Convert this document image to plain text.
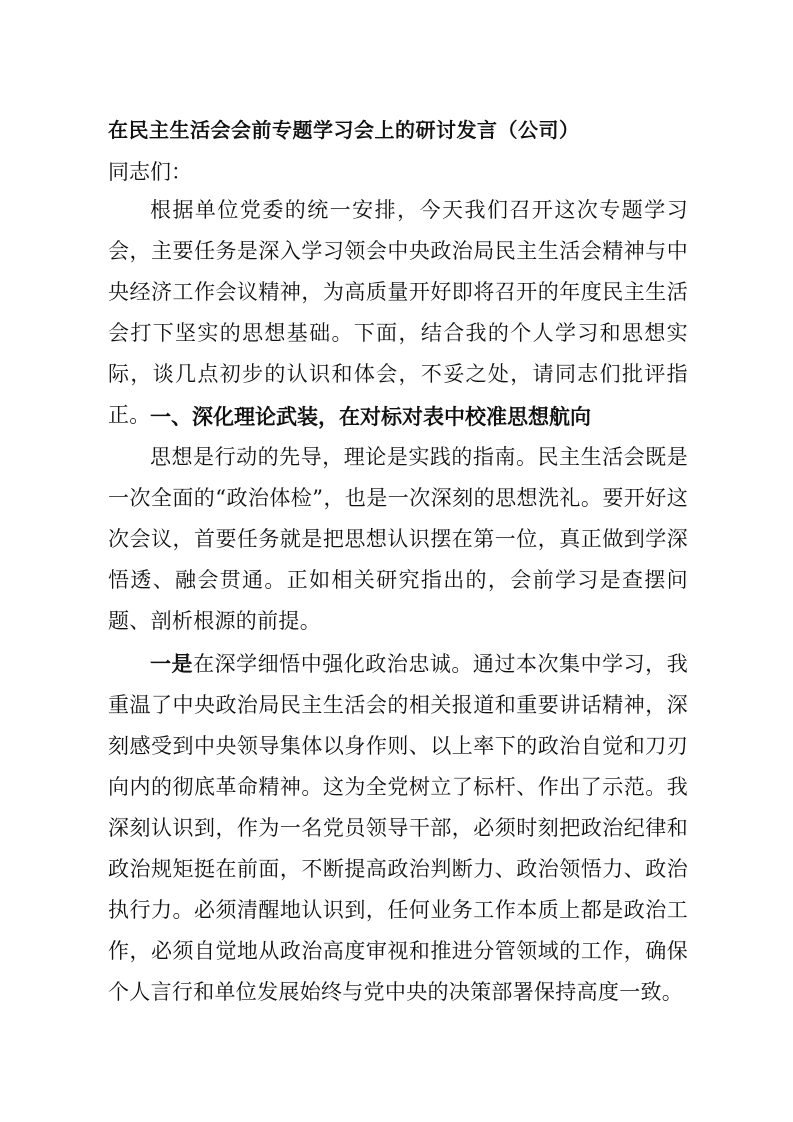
在民主生活会会前专题学习会上的研讨发言（公司）

同志们：

根据单位党委的统一安排，今天我们召开这次专题学习会，主要任务是深入学习领会中央政治局民主生活会精神与中央经济工作会议精神，为高质量开好即将召开的年度民主生活会打下坚实的思想基础。下面，结合我的个人学习和思想实际，谈几点初步的认识和体会，不妥之处，请同志们批评指正。 一、深化理论武装，在对标对表中校准思想航向

思想是行动的先导，理论是实践的指南。民主生活会既是一次全面的“政治体检”，也是一次深刻的思想洗礼。要开好这次会议，首要任务就是把思想认识摆在第一位，真正做到学深悟透、融会贯通。正如相关研究指出的，会前学习是查摆问题、剖析根源的前提。

一是在深学细悟中强化政治忠诚。通过本次集中学习，我重温了中央政治局民主生活会的相关报道和重要讲话精神，深刻感受到中央领导集体以身作则、以上率下的政治自觉和刀刃向内的彻底革命精神。这为全党树立了标杆、作出了示范。我深刻认识到，作为一名党员领导干部，必须时刻把政治纪律和政治规矩挺在前面，不断提高政治判断力、政治领悟力、政治执行力。必须清醒地认识到，任何业务工作本质上都是政治工作，必须自觉地从政治高度审视和推进分管领域的工作，确保个人言行和单位发展始终与党中央的决策部署保持高度一致。
